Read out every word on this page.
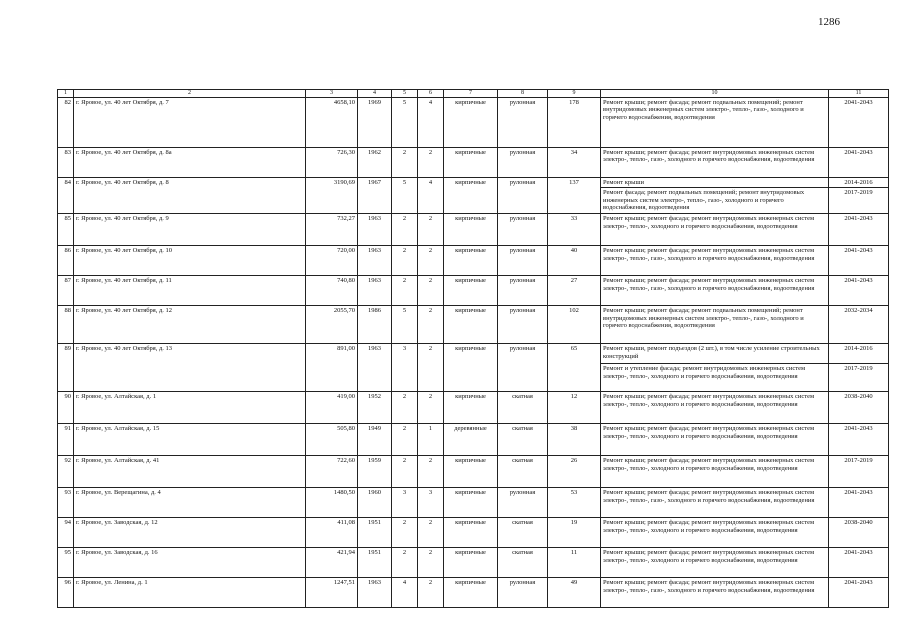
1286
1	2	3	4	5	6	7	8	9	10	11
82	г. Яровое, ул. 40 лет Октября, д. 7	4658,10	1969	5	4	кирпичные	рулонная	178	Ремонт крыши; ремонт фасада; ремонт подвальных помещений; ремонт внутридомовых инженерных систем электро-, тепло-, газо-, холодного и горячего водоснабжения, водоотведения	2041-2043
83	г. Яровое, ул. 40 лет Октября, д. 8а	726,30	1962	2	2	кирпичные	рулонная	34	Ремонт крыши; ремонт фасада; ремонт внутридомовых инженерных систем электро-, тепло-, газо-, холодного и горячего водоснабжения, водоотведения	2041-2043
84	г. Яровое, ул. 40 лет Октября, д. 8	3190,69	1967	5	4	кирпичные	рулонная	137	Ремонт крыши	2014-2016
									Ремонт фасада; ремонт подвальных помещений; ремонт внутридомовых инженерных систем электро-, тепло-, газо-, холодного и горячего водоснабжения, водоотведения	2017-2019
85	г. Яровое, ул. 40 лет Октября, д. 9	732,27	1963	2	2	кирпичные	рулонная	33	Ремонт крыши; ремонт фасада; ремонт внутридомовых инженерных систем электро-, тепло-, холодного и горячего водоснабжения, водоотведения	2041-2043
86	г. Яровое, ул. 40 лет Октября, д. 10	720,00	1963	2	2	кирпичные	рулонная	40	Ремонт крыши; ремонт фасада; ремонт внутридомовых инженерных систем электро-, тепло-, газо-, холодного и горячего водоснабжения, водоотведения	2041-2043
87	г. Яровое, ул. 40 лет Октября, д. 11	740,80	1963	2	2	кирпичные	рулонная	27	Ремонт крыши; ремонт фасада; ремонт внутридомовых инженерных систем электро-, тепло-, газо-, холодного и горячего водоснабжения, водоотведения	2041-2043
88	г. Яровое, ул. 40 лет Октября, д. 12	2055,70	1986	5	2	кирпичные	рулонная	102	Ремонт крыши; ремонт фасада; ремонт подвальных помещений; ремонт внутридомовых инженерных систем электро-, тепло-, газо-, холодного и горячего водоснабжения, водоотведения	2032-2034
89	г. Яровое, ул. 40 лет Октября, д. 13	891,00	1963	3	2	кирпичные	рулонная	65	Ремонт крыши, ремонт подъездов (2 шт.), в том числе усиление строительных конструкций	2014-2016
									Ремонт и утепление фасада; ремонт внутридомовых инженерных систем электро-, тепло-, холодного и горячего водоснабжения, водоотведения	2017-2019
90	г. Яровое, ул. Алтайская, д. 1	419,00	1952	2	2	кирпичные	скатная	12	Ремонт крыши; ремонт фасада; ремонт внутридомовых инженерных систем электро-, тепло-, холодного и горячего водоснабжения, водоотведения	2038-2040
91	г. Яровое, ул. Алтайская, д. 15	505,80	1949	2	1	деревянные	скатная	38	Ремонт крыши; ремонт фасада; ремонт внутридомовых инженерных систем электро-, тепло-, холодного и горячего водоснабжения, водоотведения	2041-2043
92	г. Яровое, ул. Алтайская, д. 41	722,60	1959	2	2	кирпичные	скатная	26	Ремонт крыши; ремонт фасада; ремонт внутридомовых инженерных систем электро-, тепло-, холодного и горячего водоснабжения, водоотведения	2017-2019
93	г. Яровое, ул. Верещагина, д. 4	1480,50	1960	3	3	кирпичные	рулонная	53	Ремонт крыши; ремонт фасада; ремонт внутридомовых инженерных систем электро-, тепло-, газо-, холодного и горячего водоснабжения, водоотведения	2041-2043
94	г. Яровое, ул. Заводская, д. 12	411,08	1951	2	2	кирпичные	скатная	19	Ремонт крыши; ремонт фасада; ремонт внутридомовых инженерных систем электро-, тепло-, холодного и горячего водоснабжения, водоотведения	2038-2040
95	г. Яровое, ул. Заводская, д. 16	421,94	1951	2	2	кирпичные	скатная	11	Ремонт крыши; ремонт фасада; ремонт внутридомовых инженерных систем электро-, тепло-, холодного и горячего водоснабжения, водоотведения	2041-2043
96	г. Яровое, ул. Ленина, д. 1	1247,51	1963	4	2	кирпичные	рулонная	49	Ремонт крыши; ремонт фасада; ремонт внутридомовых инженерных систем электро-, тепло-, газо-, холодного и горячего водоснабжения, водоотведения	2041-2043
